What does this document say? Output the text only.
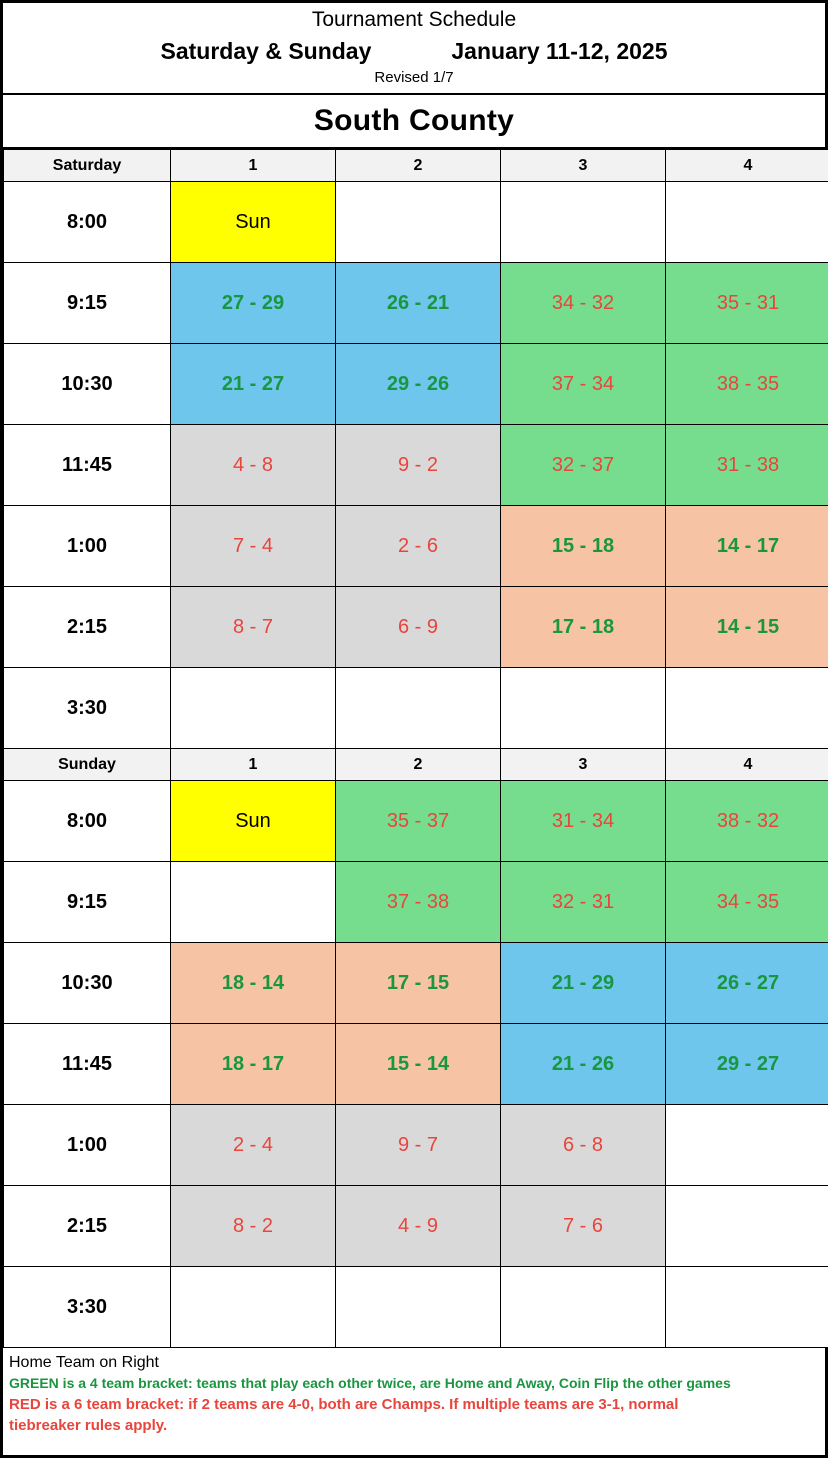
Tournament Schedule
Saturday & Sunday	January 11-12, 2025
Revised 1/7
South County
Saturday	1	2	3	4
8:00	Sun			

9:15	27 - 29	26 - 21	34 - 32	35 - 31

10:30	21 - 27	29 - 26	37 - 34	38 - 35

11:45	4 - 8	9 - 2	32 - 37	31 - 38

1:00	7 - 4	2 - 6	15 - 18	14 - 17

2:15	8 - 7	6 - 9	17 - 18	14 - 15

3:30	

Sunday	1	2	3	4
8:00	Sun	35 - 37	31 - 34	38 - 32

9:15		37 - 38	32 - 31	34 - 35

10:30	18 - 14	17 - 15	21 - 29	26 - 27

11:45	18 - 17	15 - 14	21 - 26	29 - 27

1:00	2 - 4	9 - 7	6 - 8	

2:15	8 - 2	4 - 9	7 - 6	

3:30	

Home Team on Right
GREEN is a 4 team bracket: teams that play each other twice, are Home and Away, Coin Flip the other games
RED is a 6 team bracket: if 2 teams are 4-0, both are Champs. If multiple teams are 3-1, normal
tiebreaker rules apply.
